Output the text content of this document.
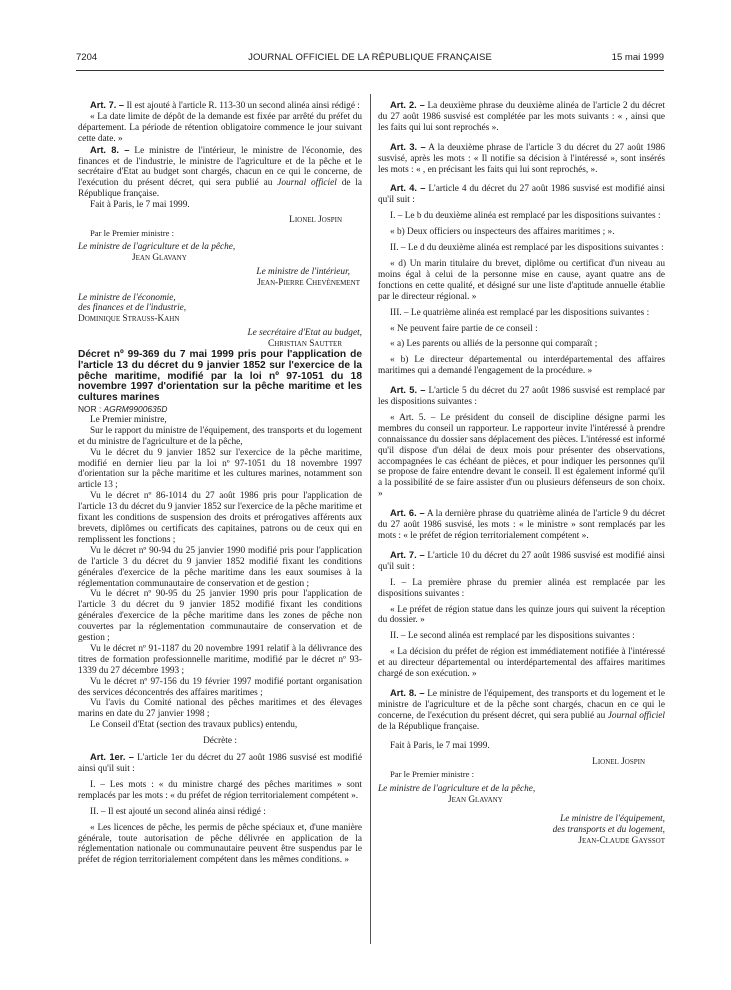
7204	JOURNAL OFFICIEL DE LA RÉPUBLIQUE FRANÇAISE	15 mai 1999

Art. 7. – Il est ajouté à l'article R. 113-30 un second alinéa ainsi rédigé :

« La date limite de dépôt de la demande est fixée par arrêté du préfet du département. La période de rétention obligatoire commence le jour suivant cette date. »

Art. 8. – Le ministre de l'intérieur, le ministre de l'économie, des finances et de l'industrie, le ministre de l'agriculture et de la pêche et le secrétaire d'Etat au budget sont chargés, chacun en ce qui le concerne, de l'exécution du présent décret, qui sera publié au Journal officiel de la République française.

Fait à Paris, le 7 mai 1999.

Lionel Jospin

Par le Premier ministre :

Le ministre de l'agriculture et de la pêche,

Jean Glavany

Le ministre de l'intérieur,

Jean-Pierre Chevènement

Le ministre de l'économie,

des finances et de l'industrie,

Dominique Strauss-Kahn

Le secrétaire d'Etat au budget,

Christian Sautter

Décret nº 99-369 du 7 mai 1999 pris pour l'application de l'article 13 du décret du 9 janvier 1852 sur l'exercice de la pêche maritime, modifié par la loi nº 97-1051 du 18 novembre 1997 d'orientation sur la pêche maritime et les cultures marines

NOR : AGRM9900635D

Le Premier ministre,

Sur le rapport du ministre de l'équipement, des transports et du logement et du ministre de l'agriculture et de la pêche,

Vu le décret du 9 janvier 1852 sur l'exercice de la pêche maritime, modifié en dernier lieu par la loi nº 97-1051 du 18 novembre 1997 d'orientation sur la pêche maritime et les cultures marines, notamment son article 13 ;

Vu le décret nº 86-1014 du 27 août 1986 pris pour l'application de l'article 13 du décret du 9 janvier 1852 sur l'exercice de la pêche maritime et fixant les conditions de suspension des droits et prérogatives afférents aux brevets, diplômes ou certificats des capitaines, patrons ou de ceux qui en remplissent les fonctions ;

Vu le décret nº 90-94 du 25 janvier 1990 modifié pris pour l'application de l'article 3 du décret du 9 janvier 1852 modifié fixant les conditions générales d'exercice de la pêche maritime dans les eaux soumises à la réglementation communautaire de conservation et de gestion ;

Vu le décret nº 90-95 du 25 janvier 1990 pris pour l'application de l'article 3 du décret du 9 janvier 1852 modifié fixant les conditions générales d'exercice de la pêche maritime dans les zones de pêche non couvertes par la réglementation communautaire de conservation et de gestion ;

Vu le décret nº 91-1187 du 20 novembre 1991 relatif à la délivrance des titres de formation professionnelle maritime, modifié par le décret nº 93-1339 du 27 décembre 1993 ;

Vu le décret nº 97-156 du 19 février 1997 modifié portant organisation des services déconcentrés des affaires maritimes ;

Vu l'avis du Comité national des pêches maritimes et des élevages marins en date du 27 janvier 1998 ;

Le Conseil d'Etat (section des travaux publics) entendu,

Décrète :

Art. 1er. – L'article 1er du décret du 27 août 1986 susvisé est modifié ainsi qu'il suit :

I. – Les mots : « du ministre chargé des pêches maritimes » sont remplacés par les mots : « du préfet de région territorialement compétent ».

II. – Il est ajouté un second alinéa ainsi rédigé :

« Les licences de pêche, les permis de pêche spéciaux et, d'une manière générale, toute autorisation de pêche délivrée en application de la réglementation nationale ou communautaire peuvent être suspendus par le préfet de région territorialement compétent dans les mêmes conditions. »

Art. 2. – La deuxième phrase du deuxième alinéa de l'article 2 du décret du 27 août 1986 susvisé est complétée par les mots suivants : « , ainsi que les faits qui lui sont reprochés ».

Art. 3. – A la deuxième phrase de l'article 3 du décret du 27 août 1986 susvisé, après les mots : « Il notifie sa décision à l'intéressé », sont insérés les mots : « , en précisant les faits qui lui sont reprochés, ».

Art. 4. – L'article 4 du décret du 27 août 1986 susvisé est modifié ainsi qu'il suit :

I. – Le b du deuxième alinéa est remplacé par les dispositions suivantes :

« b) Deux officiers ou inspecteurs des affaires maritimes ; ».

II. – Le d du deuxième alinéa est remplacé par les dispositions suivantes :

« d) Un marin titulaire du brevet, diplôme ou certificat d'un niveau au moins égal à celui de la personne mise en cause, ayant quatre ans de fonctions en cette qualité, et désigné sur une liste d'aptitude annuelle établie par le directeur régional. »

III. – Le quatrième alinéa est remplacé par les dispositions suivantes :

« Ne peuvent faire partie de ce conseil :

« a) Les parents ou alliés de la personne qui comparaît ;

« b) Le directeur départemental ou interdépartemental des affaires maritimes qui a demandé l'engagement de la procédure. »

Art. 5. – L'article 5 du décret du 27 août 1986 susvisé est remplacé par les dispositions suivantes :

« Art. 5. – Le président du conseil de discipline désigne parmi les membres du conseil un rapporteur. Le rapporteur invite l'intéressé à prendre connaissance du dossier sans déplacement des pièces. L'intéressé est informé qu'il dispose d'un délai de deux mois pour présenter des observations, accompagnées le cas échéant de pièces, et pour indiquer les personnes qu'il se propose de faire entendre devant le conseil. Il est également informé qu'il a la possibilité de se faire assister d'un ou plusieurs défenseurs de son choix. »

Art. 6. – A la dernière phrase du quatrième alinéa de l'article 9 du décret du 27 août 1986 susvisé, les mots : « le ministre » sont remplacés par les mots : « le préfet de région territorialement compétent ».

Art. 7. – L'article 10 du décret du 27 août 1986 susvisé est modifié ainsi qu'il suit :

I. – La première phrase du premier alinéa est remplacée par les dispositions suivantes :

« Le préfet de région statue dans les quinze jours qui suivent la réception du dossier. »

II. – Le second alinéa est remplacé par les dispositions suivantes :

« La décision du préfet de région est immédiatement notifiée à l'intéressé et au directeur départemental ou interdépartemental des affaires maritimes chargé de son exécution. »

Art. 8. – Le ministre de l'équipement, des transports et du logement et le ministre de l'agriculture et de la pêche sont chargés, chacun en ce qui le concerne, de l'exécution du présent décret, qui sera publié au Journal officiel de la République française.

Fait à Paris, le 7 mai 1999.

Lionel Jospin

Par le Premier ministre :

Le ministre de l'agriculture et de la pêche,

Jean Glavany

Le ministre de l'équipement,

des transports et du logement,

Jean-Claude Gayssot
